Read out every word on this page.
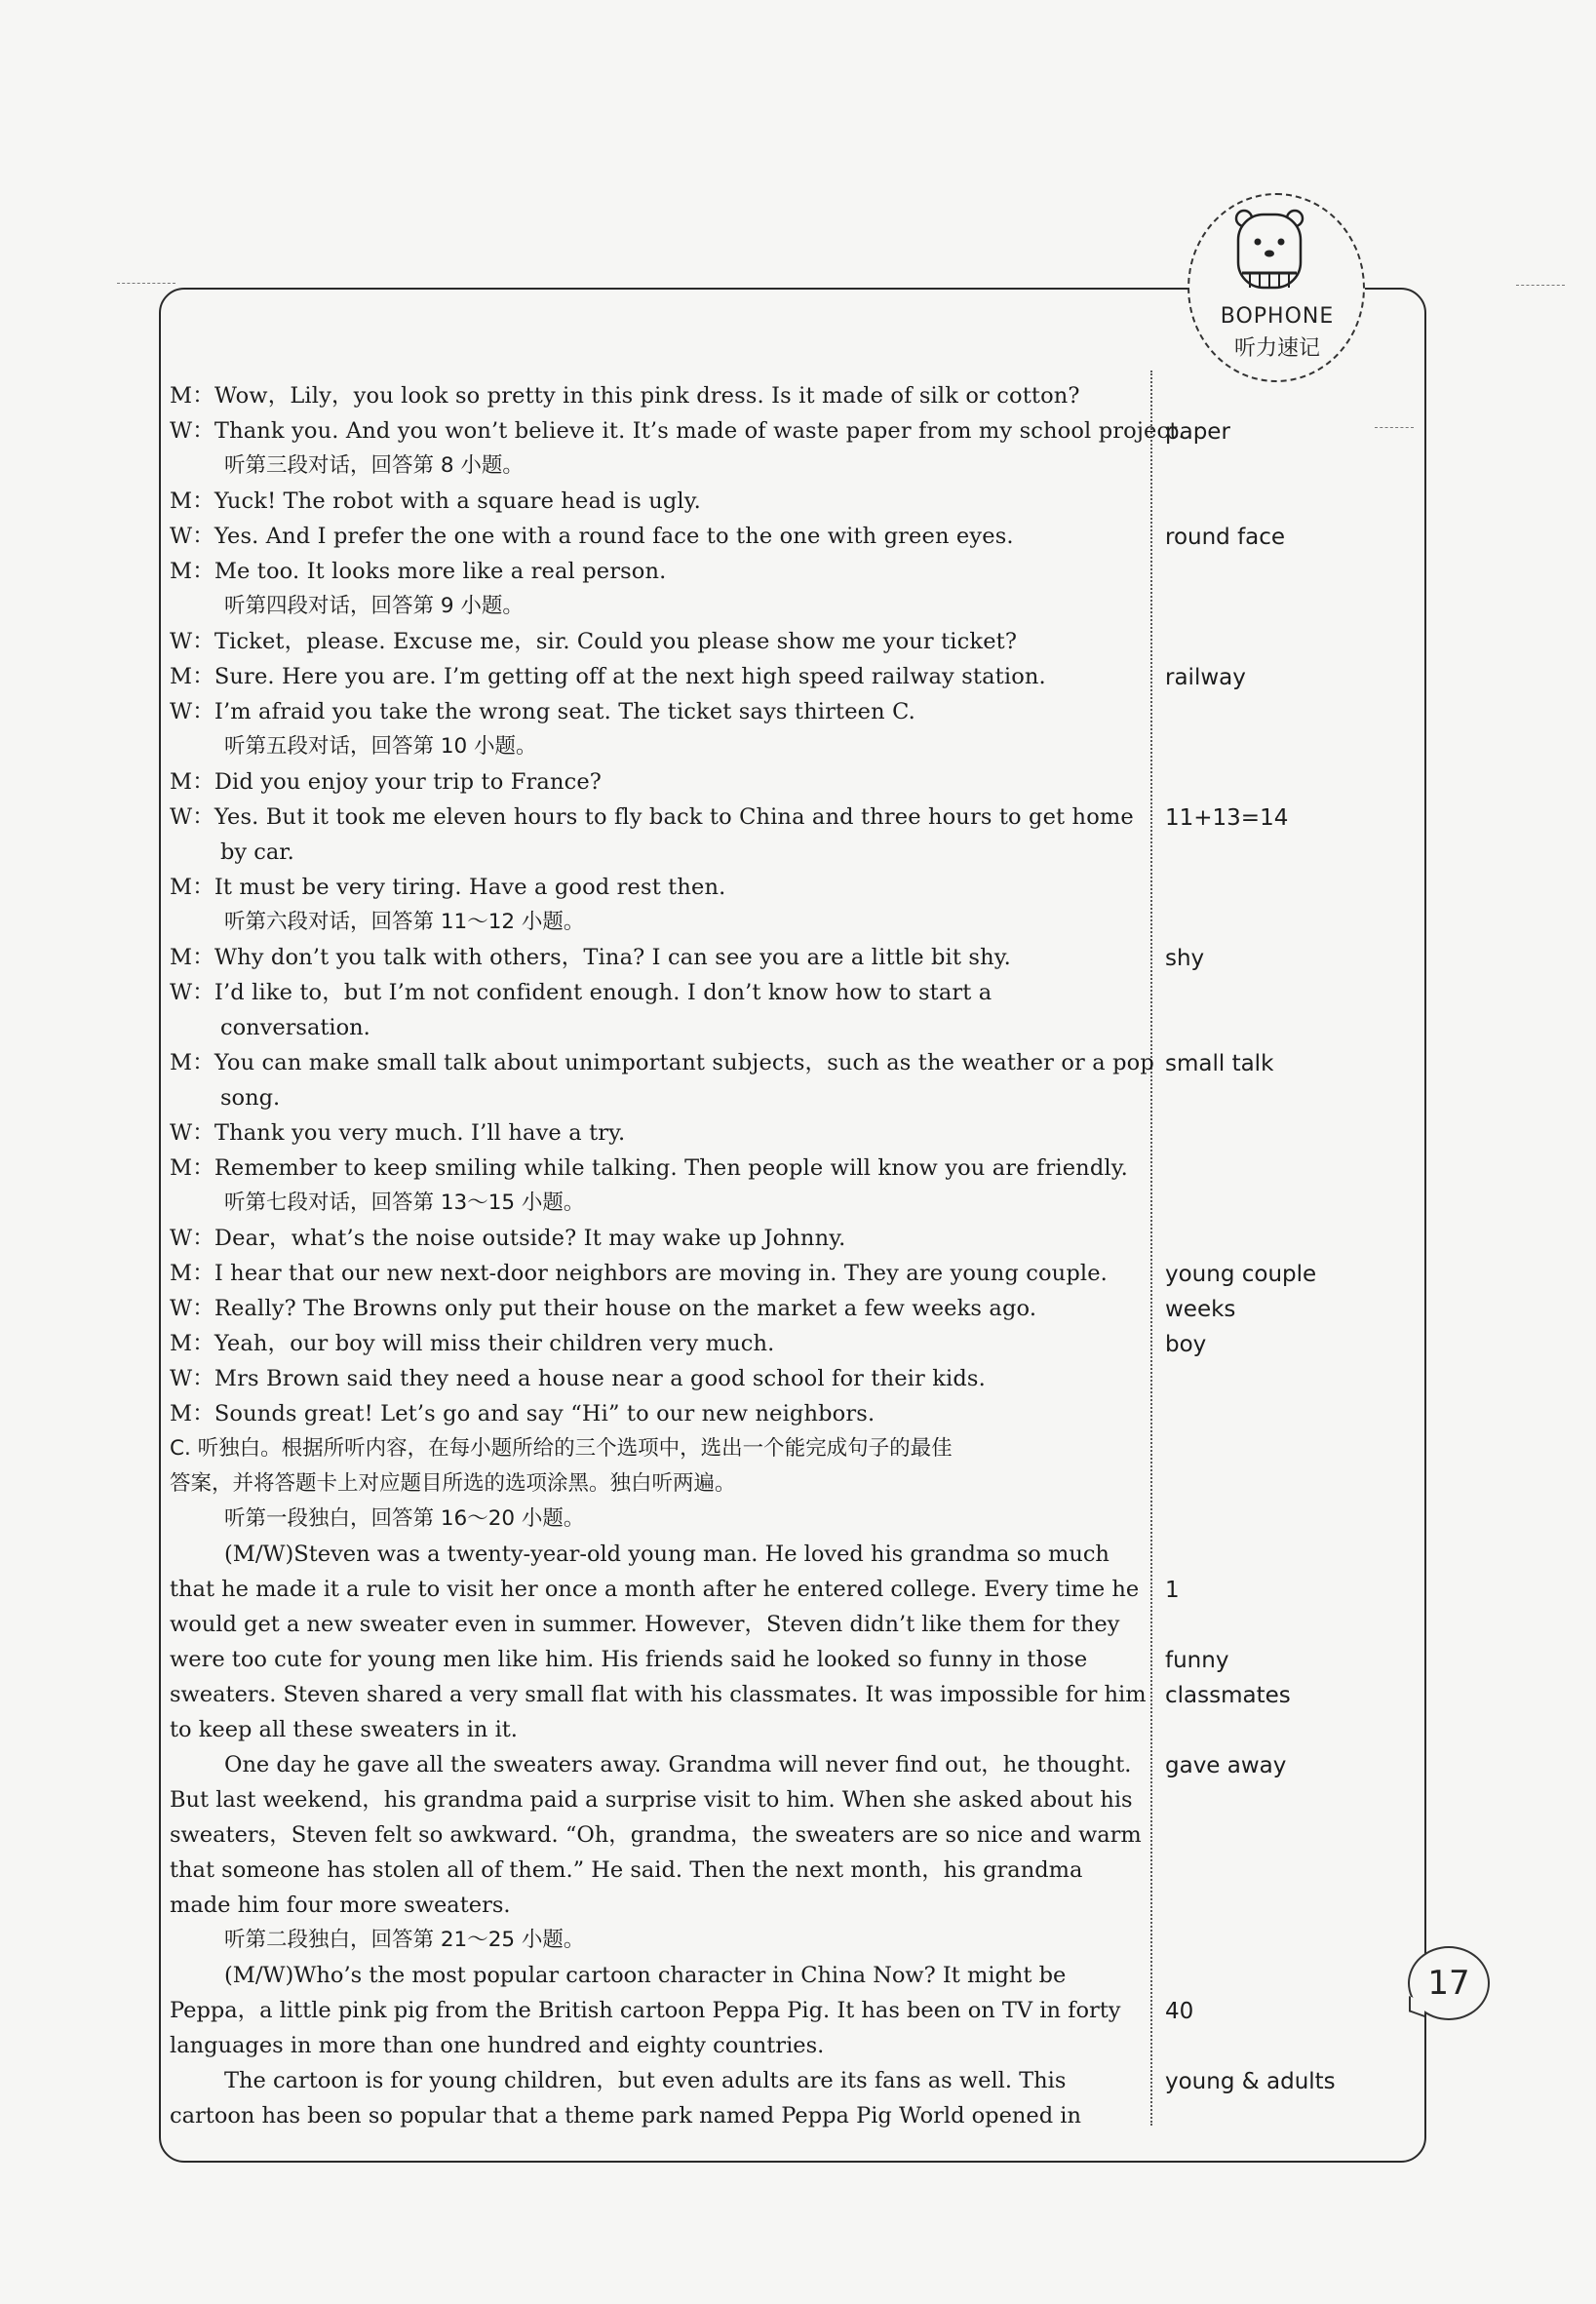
BOPHONE
听力速记
M：Wow，Lily，you look so pretty in this pink dress. Is it made of silk or cotton?
W：Thank you. And you won’t believe it. It’s made of waste paper from my school project.
听第三段对话，回答第 8 小题。
M：Yuck! The robot with a square head is ugly.
W：Yes. And I prefer the one with a round face to the one with green eyes.
M：Me too. It looks more like a real person.
听第四段对话，回答第 9 小题。
W：Ticket，please. Excuse me，sir. Could you please show me your ticket?
M：Sure. Here you are. I’m getting off at the next high speed railway station.
W：I’m afraid you take the wrong seat. The ticket says thirteen C.
听第五段对话，回答第 10 小题。
M：Did you enjoy your trip to France?
W：Yes. But it took me eleven hours to fly back to China and three hours to get home
by car.
M：It must be very tiring. Have a good rest then.
听第六段对话，回答第 11～12 小题。
M：Why don’t you talk with others，Tina? I can see you are a little bit shy.
W：I’d like to，but I’m not confident enough. I don’t know how to start a
conversation.
M：You can make small talk about unimportant subjects，such as the weather or a pop
song.
W：Thank you very much. I’ll have a try.
M：Remember to keep smiling while talking. Then people will know you are friendly.
听第七段对话，回答第 13～15 小题。
W：Dear，what’s the noise outside? It may wake up Johnny.
M：I hear that our new next-door neighbors are moving in. They are young couple.
W：Really? The Browns only put their house on the market a few weeks ago.
M：Yeah，our boy will miss their children very much.
W：Mrs Brown said they need a house near a good school for their kids.
M：Sounds great! Let’s go and say “Hi” to our new neighbors.
C. 听独白。根据所听内容，在每小题所给的三个选项中，选出一个能完成句子的最佳
答案，并将答题卡上对应题目所选的选项涂黑。独白听两遍。
听第一段独白，回答第 16～20 小题。
(M/W)Steven was a twenty-year-old young man. He loved his grandma so much
that he made it a rule to visit her once a month after he entered college. Every time he
would get a new sweater even in summer. However，Steven didn’t like them for they
were too cute for young men like him. His friends said he looked so funny in those
sweaters. Steven shared a very small flat with his classmates. It was impossible for him
to keep all these sweaters in it.
One day he gave all the sweaters away. Grandma will never find out，he thought.
But last weekend，his grandma paid a surprise visit to him. When she asked about his
sweaters，Steven felt so awkward. “Oh，grandma，the sweaters are so nice and warm
that someone has stolen all of them.” He said. Then the next month，his grandma
made him four more sweaters.
听第二段独白，回答第 21～25 小题。
(M/W)Who’s the most popular cartoon character in China Now? It might be
Peppa，a little pink pig from the British cartoon Peppa Pig. It has been on TV in forty
languages in more than one hundred and eighty countries.
The cartoon is for young children，but even adults are its fans as well. This
cartoon has been so popular that a theme park named Peppa Pig World opened in
paper
round face
railway
11+13=14
shy
small talk
young couple
weeks
boy
1
funny
classmates
gave away
40
young & adults
17
